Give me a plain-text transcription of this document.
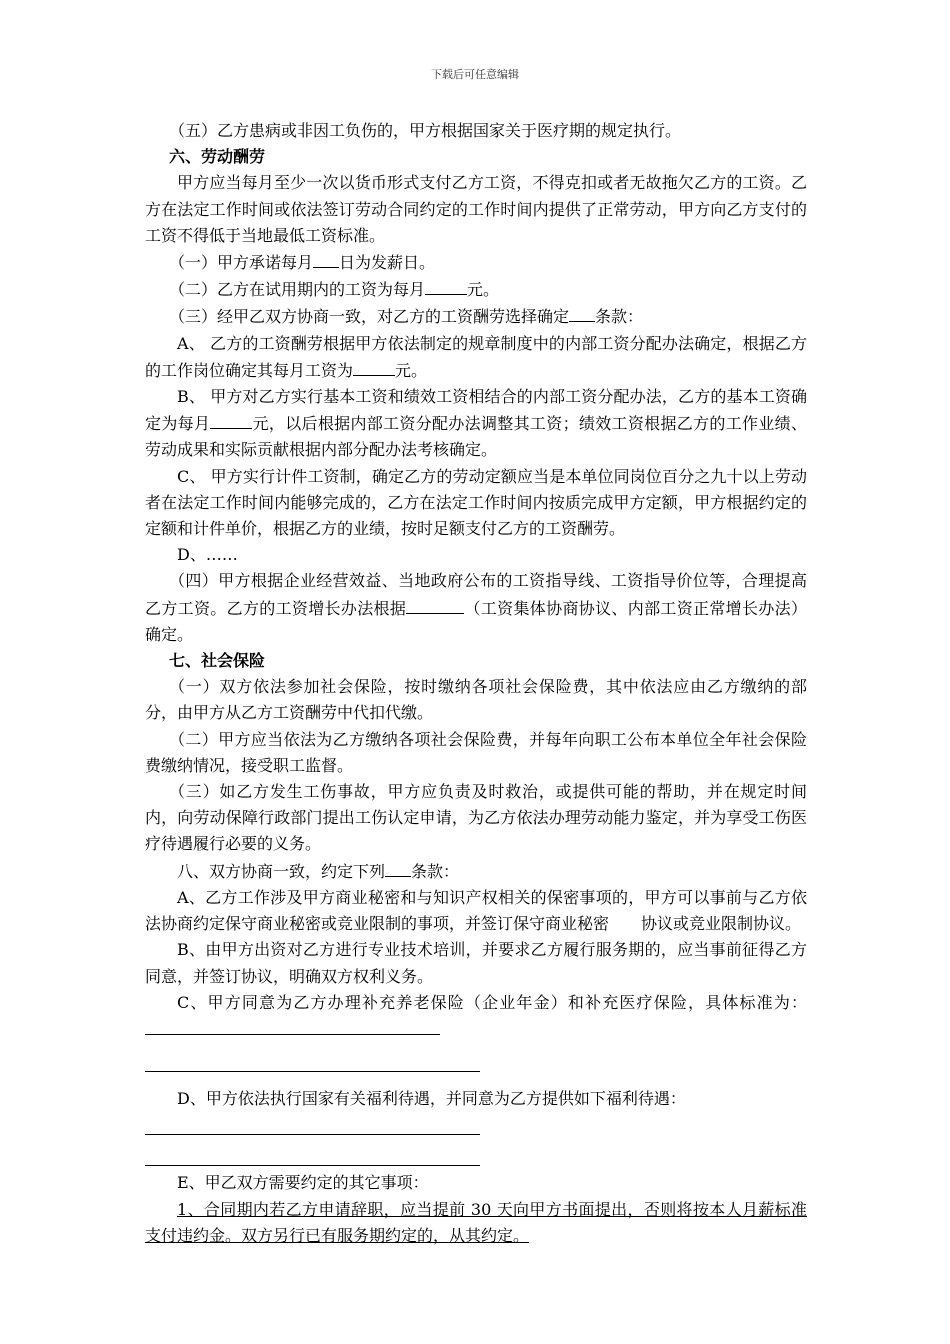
下载后可任意编辑

（五）乙方患病或非因工负伤的，甲方根据国家关于医疗期的规定执行。

六、劳动酬劳

甲方应当每月至少一次以货币形式支付乙方工资，不得克扣或者无故拖欠乙方的工资。乙方在法定工作时间或依法签订劳动合同约定的工作时间内提供了正常劳动，甲方向乙方支付的工资不得低于当地最低工资标准。

（一）甲方承诺每月 日为发薪日。

（二）乙方在试用期内的工资为每月	元。

（三）经甲乙双方协商一致，对乙方的工资酬劳选择确定 条款：

A、 乙方的工资酬劳根据甲方依法制定的规章制度中的内部工资分配办法确定，根据乙方的工作岗位确定其每月工资为	元。

B、 甲方对乙方实行基本工资和绩效工资相结合的内部工资分配办法，乙方的基本工资确定为每月	元，以后根据内部工资分配办法调整其工资；绩效工资根据乙方的工作业绩、劳动成果和实际贡献根据内部分配办法考核确定。

C、 甲方实行计件工资制，确定乙方的劳动定额应当是本单位同岗位百分之九十以上劳动者在法定工作时间内能够完成的，乙方在法定工作时间内按质完成甲方定额，甲方根据约定的定额和计件单价，根据乙方的业绩，按时足额支付乙方的工资酬劳。

D、……

（四）甲方根据企业经营效益、当地政府公布的工资指导线、工资指导价位等，合理提高乙方工资。乙方的工资增长办法根据	（工资集体协商协议、内部工资正常增长办法）确定。

七、社会保险

（一）双方依法参加社会保险，按时缴纳各项社会保险费，其中依法应由乙方缴纳的部分，由甲方从乙方工资酬劳中代扣代缴。

（二）甲方应当依法为乙方缴纳各项社会保险费，并每年向职工公布本单位全年社会保险费缴纳情况，接受职工监督。

（三）如乙方发生工伤事故，甲方应负责及时救治，或提供可能的帮助，并在规定时间内，向劳动保障行政部门提出工伤认定申请，为乙方依法办理劳动能力鉴定，并为享受工伤医疗待遇履行必要的义务。

八、双方协商一致，约定下列 条款：

A、乙方工作涉及甲方商业秘密和与知识产权相关的保密事项的，甲方可以事前与乙方依法协商约定保守商业秘密或竞业限制的事项，并签订保守商业秘密　　协议或竞业限制协议。

B、由甲方出资对乙方进行专业技术培训，并要求乙方履行服务期的，应当事前征得乙方同意，并签订协议，明确双方权利义务。

C、甲方同意为乙方办理补充养老保险（企业年金）和补充医疗保险，具体标准为：

D、甲方依法执行国家有关福利待遇，并同意为乙方提供如下福利待遇：

E、甲乙双方需要约定的其它事项：

1、合同期内若乙方申请辞职，应当提前 30 天向甲方书面提出，否则将按本人月薪标准支付违约金。双方另行已有服务期约定的，从其约定。
